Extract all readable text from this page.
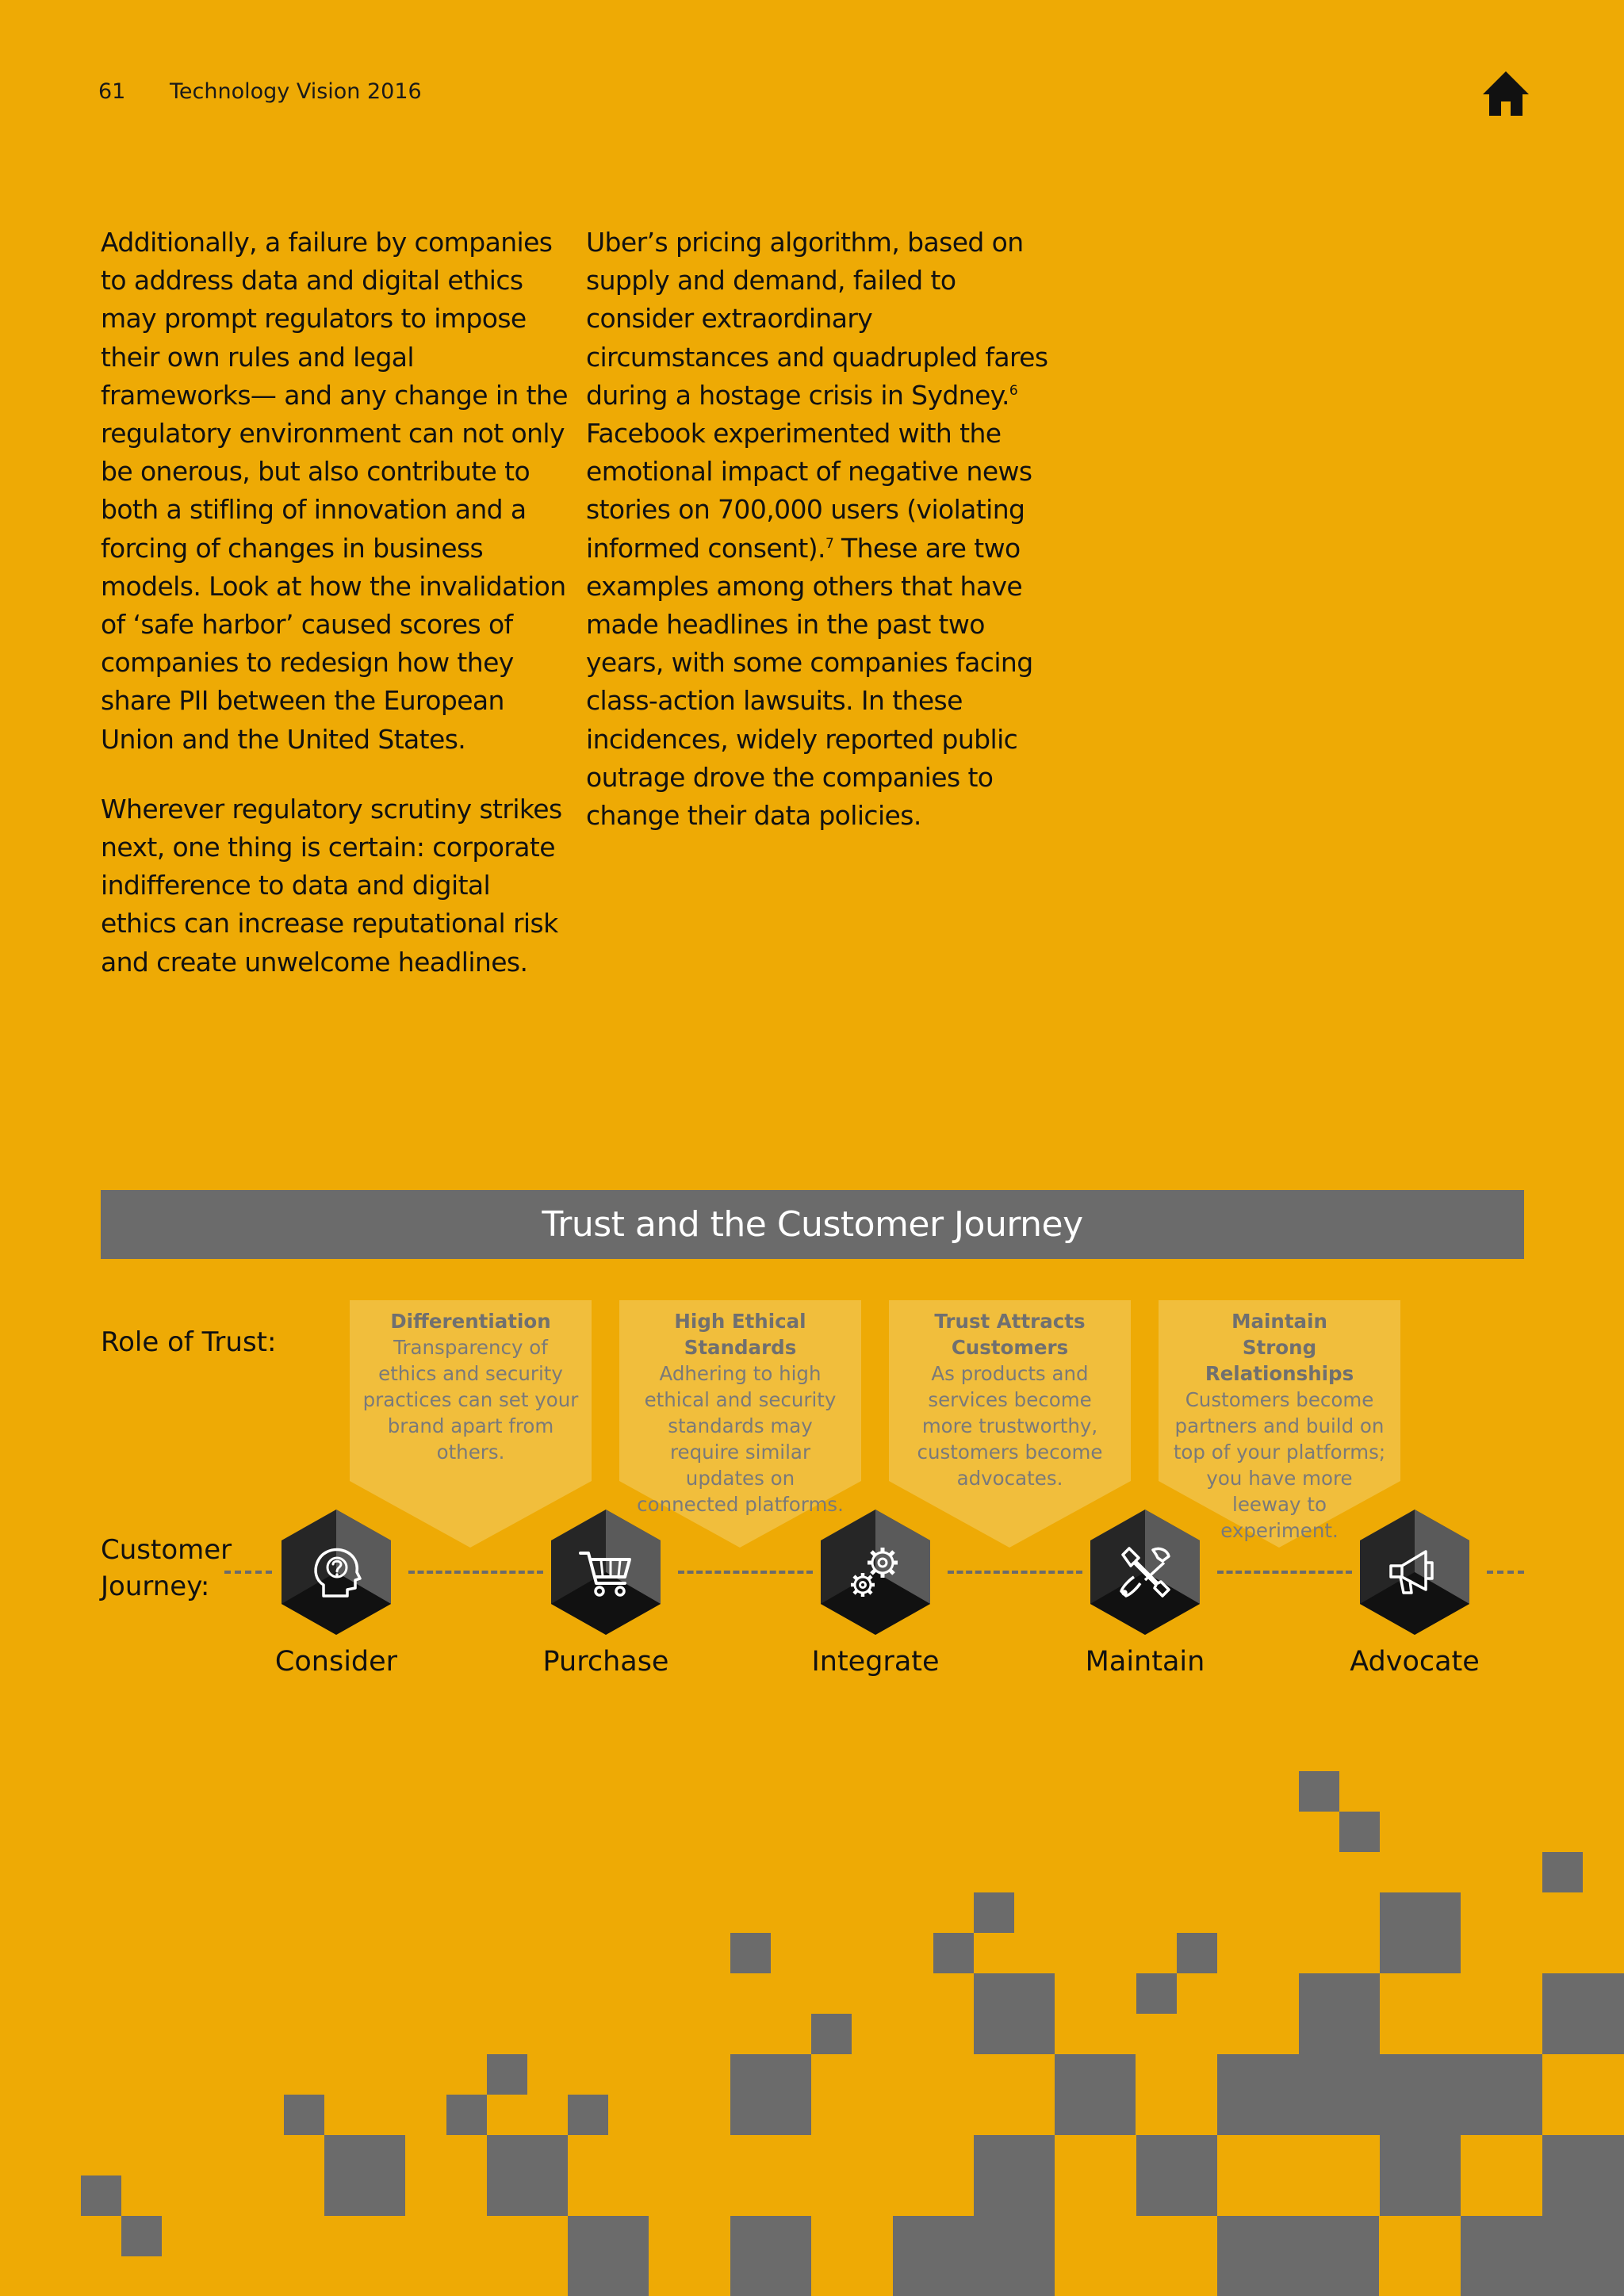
61 Technology Vision 2016

Additionally, a failure by companies to address data and digital ethics may prompt regulators to impose their own rules and legal frameworks— and any change in the regulatory environment can not only be onerous, but also contribute to both a stifling of innovation and a forcing of changes in business models. Look at how the invalidation of ‘safe harbor’ caused scores of companies to redesign how they share PII between the European Union and the United States.

Wherever regulatory scrutiny strikes next, one thing is certain: corporate indifference to data and digital ethics can increase reputational risk and create unwelcome headlines.

Uber’s pricing algorithm, based on supply and demand, failed to consider extraordinary circumstances and quadrupled fares during a hostage crisis in Sydney.$^6$ Facebook experimented with the emotional impact of negative news stories on 700,000 users (violating informed consent).$^7$ These are two examples among others that have made headlines in the past two years, with some companies facing class-action lawsuits. In these incidences, widely reported public outrage drove the companies to change their data policies.

Trust and the Customer Journey
Role of Trust:
Customer
Journey:
Differentiation
Transparency of ethics and security practices can set your brand apart from others.
High Ethical Standards
Adhering to high ethical and security standards may require similar updates on connected platforms.
Trust Attracts Customers
As products and services become more trustworthy, customers become advocates.
Maintain Strong Relationships
Customers become partners and build on top of your platforms; you have more leeway to experiment.
Consider	Purchase	Integrate	Maintain	Advocate
